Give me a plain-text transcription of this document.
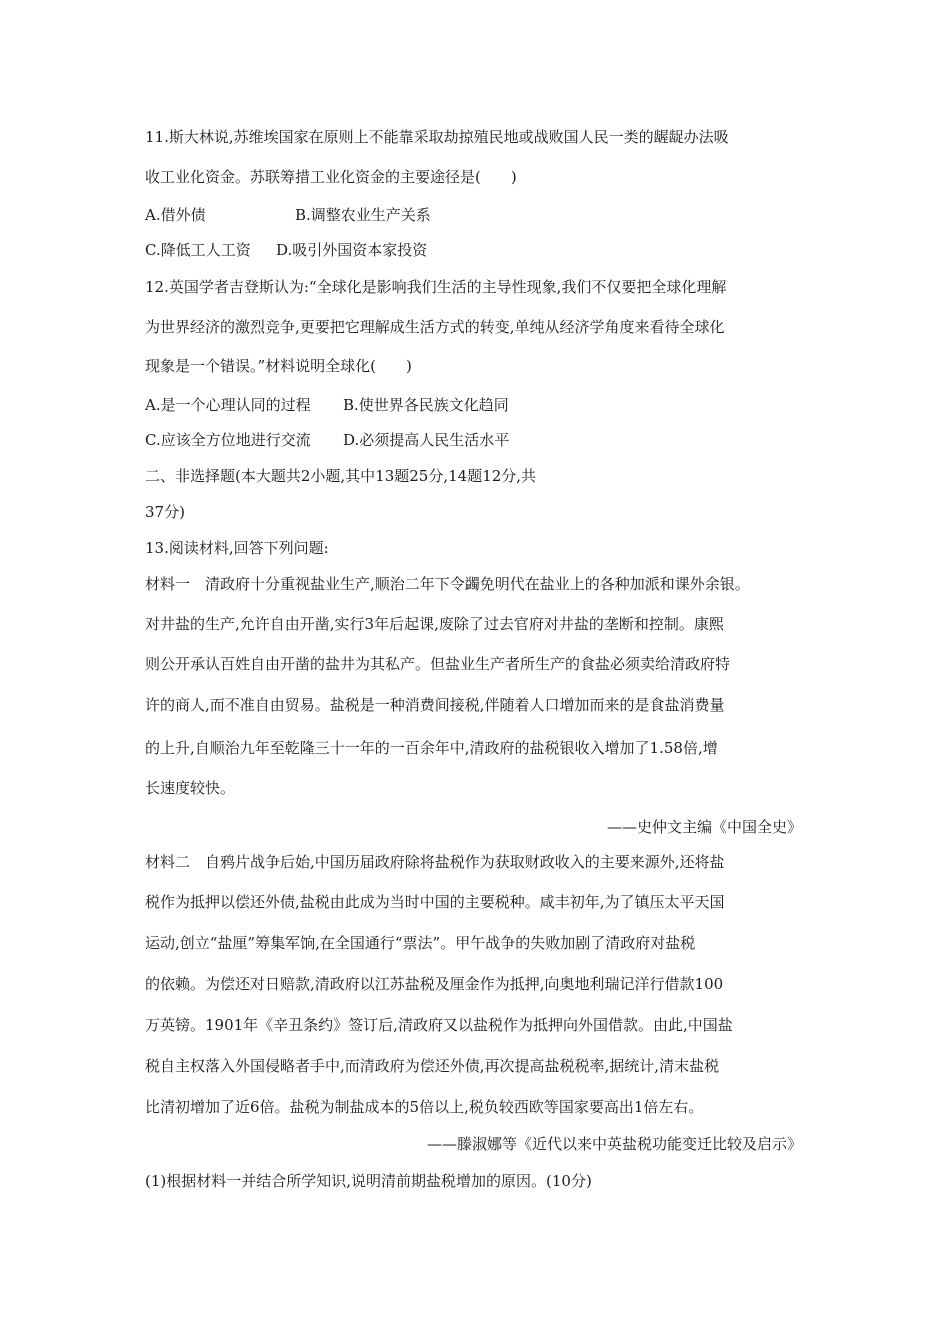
11.斯大林说,苏维埃国家在原则上不能靠采取劫掠殖民地或战败国人民一类的龌龊办法吸
收工业化资金。苏联筹措工业化资金的主要途径是(　　)
A.借外债	B.调整农业生产关系
C.降低工人工资 D.吸引外国资本家投资
12.英国学者吉登斯认为:“全球化是影响我们生活的主导性现象,我们不仅要把全球化理解
为世界经济的激烈竞争,更要把它理解成生活方式的转变,单纯从经济学角度来看待全球化
现象是一个错误。”材料说明全球化(　　)
A.是一个心理认同的过程 B.使世界各民族文化趋同
C.应该全方位地进行交流 D.必须提高人民生活水平
二、非选择题(本大题共2小题,其中13题25分,14题12分,共
37分)
13.阅读材料,回答下列问题:
材料一　清政府十分重视盐业生产,顺治二年下令蠲免明代在盐业上的各种加派和课外余银。
对井盐的生产,允许自由开凿,实行3年后起课,废除了过去官府对井盐的垄断和控制。康熙
则公开承认百姓自由开凿的盐井为其私产。但盐业生产者所生产的食盐必须卖给清政府特
许的商人,而不准自由贸易。盐税是一种消费间接税,伴随着人口增加而来的是食盐消费量
的上升,自顺治九年至乾隆三十一年的一百余年中,清政府的盐税银收入增加了1.58倍,增
长速度较快。
——史仲文主编《中国全史》
材料二　自鸦片战争后始,中国历届政府除将盐税作为获取财政收入的主要来源外,还将盐
税作为抵押以偿还外债,盐税由此成为当时中国的主要税种。咸丰初年,为了镇压太平天国
运动,创立“盐厘”筹集军饷,在全国通行“票法”。甲午战争的失败加剧了清政府对盐税
的依赖。为偿还对日赔款,清政府以江苏盐税及厘金作为抵押,向奥地利瑞记洋行借款100
万英镑。1901年《辛丑条约》签订后,清政府又以盐税作为抵押向外国借款。由此,中国盐
税自主权落入外国侵略者手中,而清政府为偿还外债,再次提高盐税税率,据统计,清末盐税
比清初增加了近6倍。盐税为制盐成本的5倍以上,税负较西欧等国家要高出1倍左右。
——滕淑娜等《近代以来中英盐税功能变迁比较及启示》
(1)根据材料一并结合所学知识,说明清前期盐税增加的原因。(10分)
